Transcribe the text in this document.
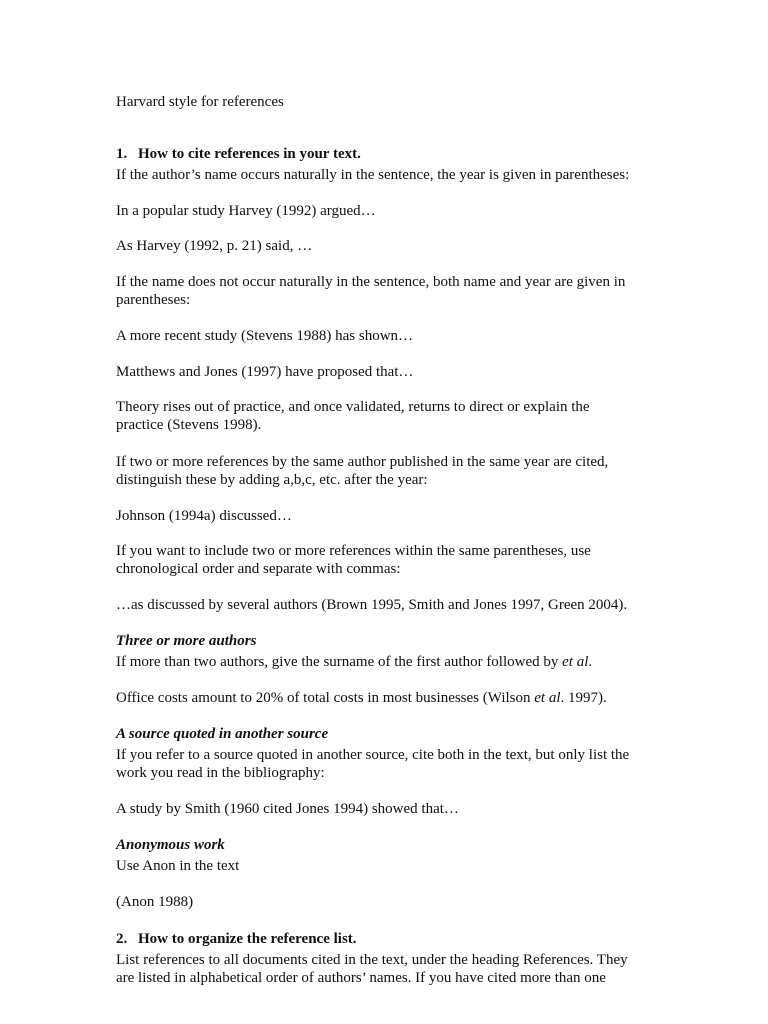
Harvard style for references

1. How to cite references in your text.

If the author’s name occurs naturally in the sentence, the year is given in parentheses:

In a popular study Harvey (1992) argued…

As Harvey (1992, p. 21) said, …

If the name does not occur naturally in the sentence, both name and year are given in

parentheses:

A more recent study (Stevens 1988) has shown…

Matthews and Jones (1997) have proposed that…

Theory rises out of practice, and once validated, returns to direct or explain the

practice (Stevens 1998).

If two or more references by the same author published in the same year are cited,

distinguish these by adding a,b,c, etc. after the year:

Johnson (1994a) discussed…

If you want to include two or more references within the same parentheses, use

chronological order and separate with commas:

…as discussed by several authors (Brown 1995, Smith and Jones 1997, Green 2004).

Three or more authors

If more than two authors, give the surname of the first author followed by et al.

Office costs amount to 20% of total costs in most businesses (Wilson et al. 1997).

A source quoted in another source

If you refer to a source quoted in another source, cite both in the text, but only list the

work you read in the bibliography:

A study by Smith (1960 cited Jones 1994) showed that…

Anonymous work

Use Anon in the text

(Anon 1988)

2. How to organize the reference list.

List references to all documents cited in the text, under the heading References. They

are listed in alphabetical order of authors’ names. If you have cited more than one
